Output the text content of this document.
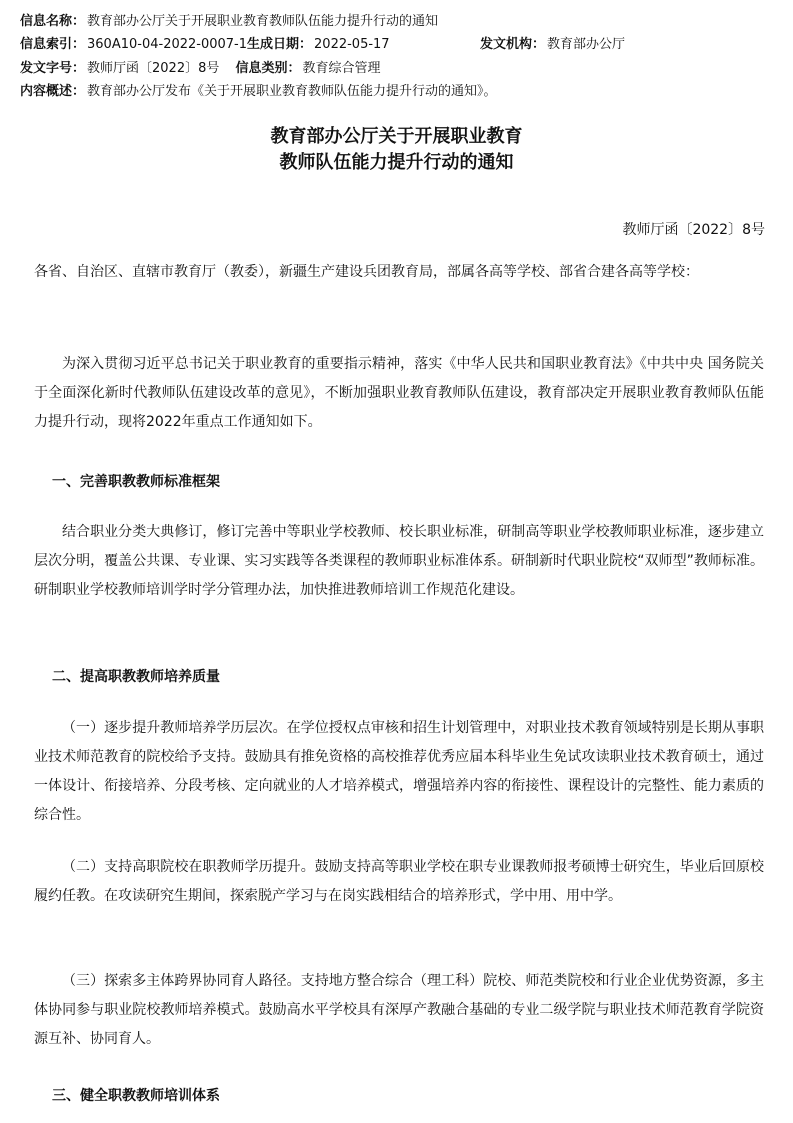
信息名称： 教育部办公厅关于开展职业教育教师队伍能力提升行动的通知
信息索引： 360A10-04-2022-0007-1生成日期： 2022-05-17	发文机构： 教育部办公厅
发文字号： 教师厅函〔2022〕8号 信息类别： 教育综合管理
内容概述： 教育部办公厅发布《关于开展职业教育教师队伍能力提升行动的通知》。
教育部办公厅关于开展职业教育
教师队伍能力提升行动的通知
教师厅函〔2022〕8号

各省、自治区、直辖市教育厅（教委），新疆生产建设兵团教育局，部属各高等学校、部省合建各高等学校：

为深入贯彻习近平总书记关于职业教育的重要指示精神，落实《中华人民共和国职业教育法》《中共中央 国务院关于全面深化新时代教师队伍建设改革的意见》，不断加强职业教育教师队伍建设，教育部决定开展职业教育教师队伍能力提升行动，现将2022年重点工作通知如下。

一、完善职教教师标准框架

结合职业分类大典修订，修订完善中等职业学校教师、校长职业标准，研制高等职业学校教师职业标准，逐步建立层次分明，覆盖公共课、专业课、实习实践等各类课程的教师职业标准体系。研制新时代职业院校“双师型”教师标准。研制职业学校教师培训学时学分管理办法，加快推进教师培训工作规范化建设。

二、提高职教教师培养质量

（一）逐步提升教师培养学历层次。在学位授权点审核和招生计划管理中，对职业技术教育领域特别是长期从事职业技术师范教育的院校给予支持。鼓励具有推免资格的高校推荐优秀应届本科毕业生免试攻读职业技术教育硕士，通过一体设计、衔接培养、分段考核、定向就业的人才培养模式，增强培养内容的衔接性、课程设计的完整性、能力素质的综合性。

（二）支持高职院校在职教师学历提升。鼓励支持高等职业学校在职专业课教师报考硕博士研究生，毕业后回原校履约任教。在攻读研究生期间，探索脱产学习与在岗实践相结合的培养形式，学中用、用中学。

（三）探索多主体跨界协同育人路径。支持地方整合综合（理工科）院校、师范类院校和行业企业优势资源，多主体协同参与职业院校教师培养模式。鼓励高水平学校具有深厚产教融合基础的专业二级学院与职业技术师范教育学院资源互补、协同育人。

三、健全职教教师培训体系
